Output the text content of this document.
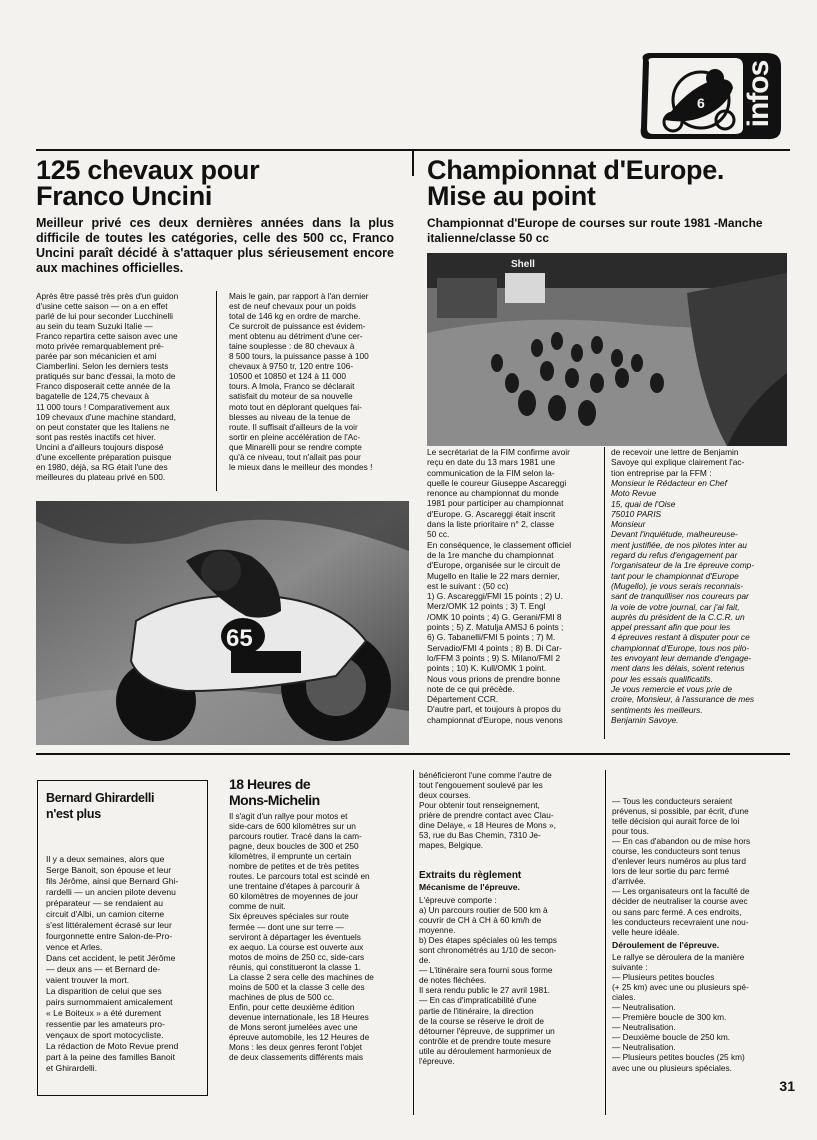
6 infos
125 chevaux pour
Franco Uncini
Meilleur privé ces deux dernières années dans la plus difficile de toutes les catégories, celle des 500 cc, Franco Uncini paraît décidé à s'attaquer plus sérieusement encore aux machines officielles.
Après être passé très près d'un guidon
d'usine cette saison — on a en effet
parlé de lui pour seconder Lucchinelli
au sein du team Suzuki Italie —
Franco repartira cette saison avec une
moto privée remarquablement pré-
parée par son mécanicien et ami
Ciamberlini. Selon les derniers tests
pratiqués sur banc d'essai, la moto de
Franco disposerait cette année de la
bagatelle de 124,75 chevaux à
11 000 tours ! Comparativement aux
109 chevaux d'une machine standard,
on peut constater que les Italiens ne
sont pas restés inactifs cet hiver.
Uncini a d'ailleurs toujours disposé
d'une excellente préparation puisque
en 1980, déjà, sa RG était l'une des
meilleures du plateau privé en 500.
Mais le gain, par rapport à l'an dernier
est de neuf chevaux pour un poids
total de 146 kg en ordre de marche.
Ce surcroit de puissance est évidem-
ment obtenu au détriment d'une cer-
taine souplesse : de 80 chevaux à
8 500 tours, la puissance passe à 100
chevaux à 9750 tr, 120 entre 106-
10500 et 10850 et 124 à 11 000
tours. A Imola, Franco se déclarait
satisfait du moteur de sa nouvelle
moto tout en déplorant quelques fai-
blesses au niveau de la tenue de
route. Il suffisait d'ailleurs de la voir
sortir en pleine accélération de l'Ac-
que Minarelli pour se rendre compte
qu'à ce niveau, tout n'allait pas pour
le mieux dans le meilleur des mondes !
65
Championnat d'Europe.
Mise au point
Championnat d'Europe de courses sur route 1981 -Manche italienne/classe 50 cc
Shell
Le secrétariat de la FIM confirme avoir
reçu en date du 13 mars 1981 une
communication de la FIM selon la-
quelle le coureur Giuseppe Ascareggi
renonce au championnat du monde
1981 pour participer au championnat
d'Europe. G. Ascareggi était inscrit
dans la liste prioritaire n° 2, classe
50 cc.
En conséquence, le classement officiel
de la 1re manche du championnat
d'Europe, organisée sur le circuit de
Mugello en Italie le 22 mars dernier,
est le suivant : (50 cc)
1) G. Ascareggi/FMI 15 points ; 2) U.
Merz/OMK 12 points ; 3) T. Engl
/OMK 10 points ; 4) G. Gerani/FMI 8
points ; 5) Z. Matulja AMSJ 6 points ;
6) G. Tabanelli/FMI 5 points ; 7) M.
Servadio/FMI 4 points ; 8) B. Di Car-
lo/FFM 3 points ; 9) S. Milano/FMI 2
points ; 10) K. Kull/OMK 1 point.
Nous vous prions de prendre bonne
note de ce qui précède.
Département CCR.
D'autre part, et toujours à propos du
championnat d'Europe, nous venons
de recevoir une lettre de Benjamin
Savoye qui explique clairement l'ac-
tion entreprise par la FFM :
Monsieur le Rédacteur en Chef
Moto Revue
15, quai de l'Oise
75010 PARIS
Monsieur
Devant l'inquiétude, malheureuse-
ment justifiée, de nos pilotes inter au
regard du refus d'engagement par
l'organisateur de la 1re épreuve comp-
tant pour le championnat d'Europe
(Mugello), je vous serais reconnais-
sant de tranquilliser nos coureurs par
la voie de votre journal, car j'ai fait,
auprès du président de la C.C.R. un
appel pressant afin que pour les
4 épreuves restant à disputer pour ce
championnat d'Europe, tous nos pilo-
tes envoyant leur demande d'engage-
ment dans les délais, soient retenus
pour les essais qualificatifs.
Je vous remercie et vous prie de
croire, Monsieur, à l'assurance de mes
sentiments les meilleurs.
Benjamin Savoye.
Bernard Ghirardelli
n'est plus
Il y a deux semaines, alors que
Serge Banoit, son épouse et leur
fils Jérôme, ainsi que Bernard Ghi-
rardelli — un ancien pilote devenu
préparateur — se rendaient au
circuit d'Albi, un camion citerne
s'est littéralement écrasé sur leur
fourgonnette entre Salon-de-Pro-
vence et Arles.
Dans cet accident, le petit Jérôme
— deux ans — et Bernard de-
vaient trouver la mort.
La disparition de celui que ses
pairs surnommaient amicalement
« Le Boiteux » a été durement
ressentie par les amateurs pro-
vençaux de sport motocycliste.
La rédaction de Moto Revue prend
part à la peine des familles Banoit
et Ghirardelli.
18 Heures de
Mons-Michelin
Il s'agit d'un rallye pour motos et
side-cars de 600 kilomètres sur un
parcours routier. Tracé dans la cam-
pagne, deux boucles de 300 et 250
kilomètres, il emprunte un certain
nombre de petites et de très petites
routes. Le parcours total est scindé en
une trentaine d'étapes à parcourir à
60 kilomètres de moyennes de jour
comme de nuit.
Six épreuves spéciales sur route
fermée — dont une sur terre —
serviront à départager les éventuels
ex aequo. La course est ouverte aux
motos de moins de 250 cc, side-cars
réunis, qui constitueront la classe 1.
La classe 2 sera celle des machines de
moins de 500 et la classe 3 celle des
machines de plus de 500 cc.
Enfin, pour cette deuxième édition
devenue internationale, les 18 Heures
de Mons seront jumelées avec une
épreuve automobile, les 12 Heures de
Mons : les deux genres feront l'objet
de deux classements différents mais
bénéficieront l'une comme l'autre de
tout l'engouement soulevé par les
deux courses.
Pour obtenir tout renseignement,
prière de prendre contact avec Clau-
dine Delaye, « 18 Heures de Mons »,
53, rue du Bas Chemin, 7310 Je-
mapes, Belgique.
Extraits du règlement
Mécanisme de l'épreuve.
L'épreuve comporte :
a) Un parcours routier de 500 km à
couvrir de CH à CH à 60 km/h de
moyenne.
b) Des étapes spéciales où les temps
sont chronométrés au 1/10 de secon-
de.
— L'itinéraire sera fourni sous forme
de notes fléchées.
Il sera rendu public le 27 avril 1981.
— En cas d'impraticabilité d'une
partie de l'itinéraire, la direction
de la course se réserve le droit de
détourner l'épreuve, de supprimer un
contrôle et de prendre toute mesure
utile au déroulement harmonieux de
l'épreuve.
— Tous les conducteurs seraient
prévenus, si possible, par écrit, d'une
telle décision qui aurait force de loi
pour tous.
— En cas d'abandon ou de mise hors
course, les conducteurs sont tenus
d'enlever leurs numéros au plus tard
lors de leur sortie du parc fermé
d'arrivée.
— Les organisateurs ont la faculté de
décider de neutraliser la course avec
ou sans parc fermé. A ces endroits,
les conducteurs recevraient une nou-
velle heure idéale.
Déroulement de l'épreuve.
Le rallye se déroulera de la manière
suivante :
— Plusieurs petites boucles
(+ 25 km) avec une ou plusieurs spé-
ciales.
— Neutralisation.
— Première boucle de 300 km.
— Neutralisation.
— Deuxième boucle de 250 km.
— Neutralisation.
— Plusieurs petites boucles (25 km)
avec une ou plusieurs spéciales.
31
